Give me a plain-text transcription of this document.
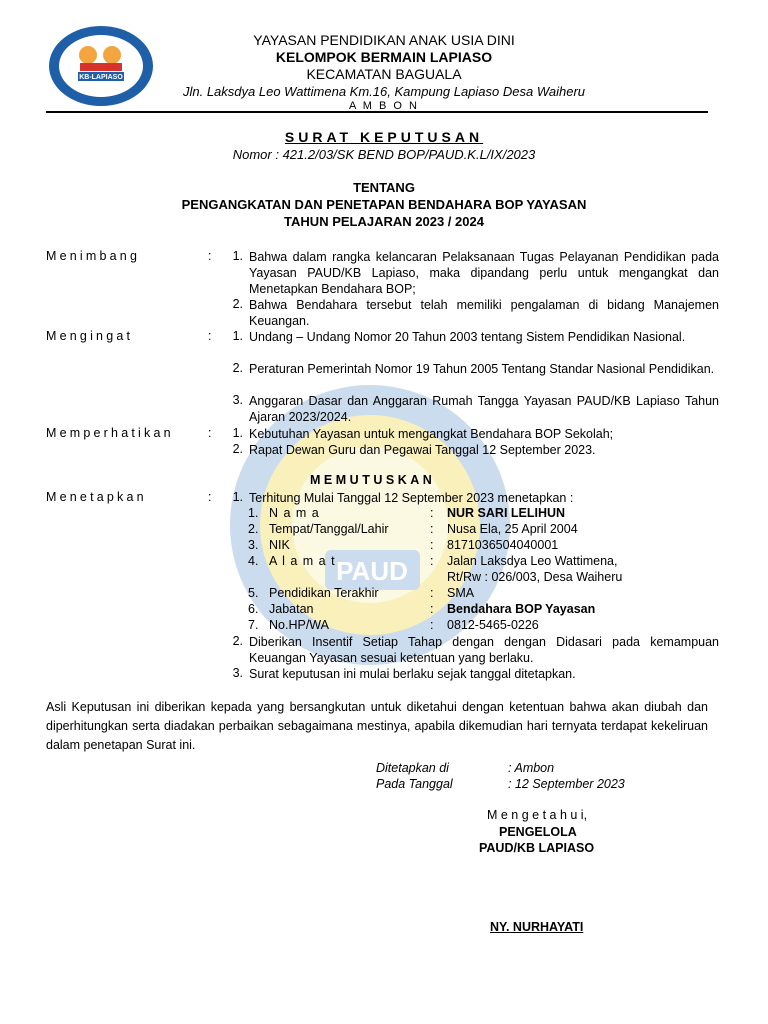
PAUD
KB-LAPIASO
YAYASAN PENDIDIKAN ANAK USIA DINI
KELOMPOK BERMAIN LAPIASO
KECAMATAN BAGUALA
Jln. Laksdya Leo Wattimena Km.16, Kampung Lapiaso Desa Waiheru
A M B O N
SURAT KEPUTUSAN
Nomor : 421.2/03/SK BEND BOP/PAUD.K.L/IX/2023
TENTANG
PENGANGKATAN DAN PENETAPAN BENDAHARA BOP YAYASAN
TAHUN PELAJARAN 2023 / 2024
Menimbang	: 1. Bahwa dalam rangka kelancaran Pelaksanaan Tugas Pelayanan Pendidikan pada Yayasan PAUD/KB Lapiaso, maka dipandang perlu untuk mengangkat dan Menetapkan Bendahara BOP;
2. Bahwa Bendahara tersebut telah memiliki pengalaman di bidang Manajemen Keuangan.
Mengingat	: 1. Undang – Undang Nomor 20 Tahun 2003 tentang Sistem Pendidikan Nasional.
2. Peraturan Pemerintah Nomor 19 Tahun 2005 Tentang Standar Nasional Pendidikan.
3. Anggaran Dasar dan Anggaran Rumah Tangga Yayasan PAUD/KB Lapiaso Tahun Ajaran 2023/2024.
Memperhatikan	: 1. Kebutuhan Yayasan untuk mengangkat Bendahara BOP Sekolah;
2. Rapat Dewan Guru dan Pegawai Tanggal 12 September 2023.
MEMUTUSKAN
Menetapkan	: 1. Terhitung Mulai Tanggal 12 September 2023 menetapkan :
1. N a m a	: NUR SARI LELIHUN
2. Tempat/Tanggal/Lahir	: Nusa Ela, 25 April 2004
3. NIK	: 8171036504040001
4. A l a m a t	: Jalan Laksdya Leo Wattimena,
Rt/Rw : 026/003, Desa Waiheru
5. Pendidikan Terakhir	: SMA
6. Jabatan	: Bendahara BOP Yayasan
7. No.HP/WA	: 0812-5465-0226
2. Diberikan Insentif Setiap Tahap dengan dengan Didasari pada kemampuan Keuangan Yayasan sesuai ketentuan yang berlaku.
3. Surat keputusan ini mulai berlaku sejak tanggal ditetapkan.
Asli Keputusan ini diberikan kepada yang bersangkutan untuk diketahui dengan ketentuan bahwa akan diubah dan diperhitungkan serta diadakan perbaikan sebagaimana mestinya, apabila dikemudian hari ternyata terdapat kekeliruan dalam penetapan Surat ini.
Ditetapkan di	: Ambon
Pada Tanggal	: 12 September 2023
M e n g e t a h u i,
PENGELOLA
PAUD/KB LAPIASO
NY. NURHAYATI
